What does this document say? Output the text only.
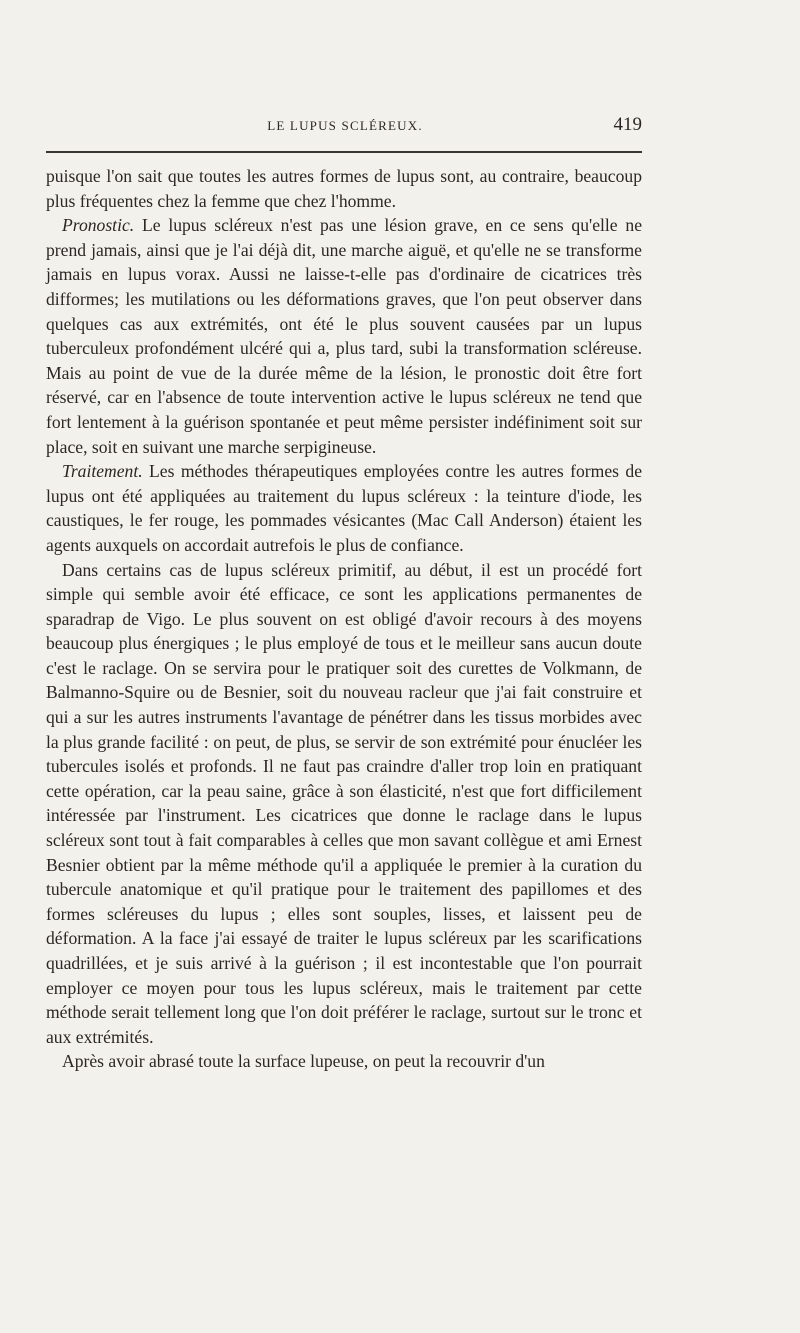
LE LUPUS SCLÉREUX.	419

puisque l'on sait que toutes les autres formes de lupus sont, au contraire, beaucoup plus fréquentes chez la femme que chez l'homme.

Pronostic. Le lupus scléreux n'est pas une lésion grave, en ce sens qu'elle ne prend jamais, ainsi que je l'ai déjà dit, une marche aiguë, et qu'elle ne se transforme jamais en lupus vorax. Aussi ne laisse-t-elle pas d'ordinaire de cicatrices très difformes; les mutilations ou les déformations graves, que l'on peut observer dans quelques cas aux extrémités, ont été le plus souvent causées par un lupus tuberculeux profondément ulcéré qui a, plus tard, subi la transformation scléreuse. Mais au point de vue de la durée même de la lésion, le pronostic doit être fort réservé, car en l'absence de toute intervention active le lupus scléreux ne tend que fort lentement à la guérison spontanée et peut même persister indéfiniment soit sur place, soit en suivant une marche serpigineuse.

Traitement. Les méthodes thérapeutiques employées contre les autres formes de lupus ont été appliquées au traitement du lupus scléreux : la teinture d'iode, les caustiques, le fer rouge, les pommades vésicantes (Mac Call Anderson) étaient les agents auxquels on accordait autrefois le plus de confiance.

Dans certains cas de lupus scléreux primitif, au début, il est un procédé fort simple qui semble avoir été efficace, ce sont les applications permanentes de sparadrap de Vigo. Le plus souvent on est obligé d'avoir recours à des moyens beaucoup plus énergiques ; le plus employé de tous et le meilleur sans aucun doute c'est le raclage. On se servira pour le pratiquer soit des curettes de Volkmann, de Balmanno-Squire ou de Besnier, soit du nouveau racleur que j'ai fait construire et qui a sur les autres instruments l'avantage de pénétrer dans les tissus morbides avec la plus grande facilité : on peut, de plus, se servir de son extrémité pour énucléer les tubercules isolés et profonds. Il ne faut pas craindre d'aller trop loin en pratiquant cette opération, car la peau saine, grâce à son élasticité, n'est que fort difficilement intéressée par l'instrument. Les cicatrices que donne le raclage dans le lupus scléreux sont tout à fait comparables à celles que mon savant collègue et ami Ernest Besnier obtient par la même méthode qu'il a appliquée le premier à la curation du tubercule anatomique et qu'il pratique pour le traitement des papillomes et des formes scléreuses du lupus ; elles sont souples, lisses, et laissent peu de déformation. A la face j'ai essayé de traiter le lupus scléreux par les scarifications quadrillées, et je suis arrivé à la guérison ; il est incontestable que l'on pourrait employer ce moyen pour tous les lupus scléreux, mais le traitement par cette méthode serait tellement long que l'on doit préférer le raclage, surtout sur le tronc et aux extrémités.

Après avoir abrasé toute la surface lupeuse, on peut la recouvrir d'un
